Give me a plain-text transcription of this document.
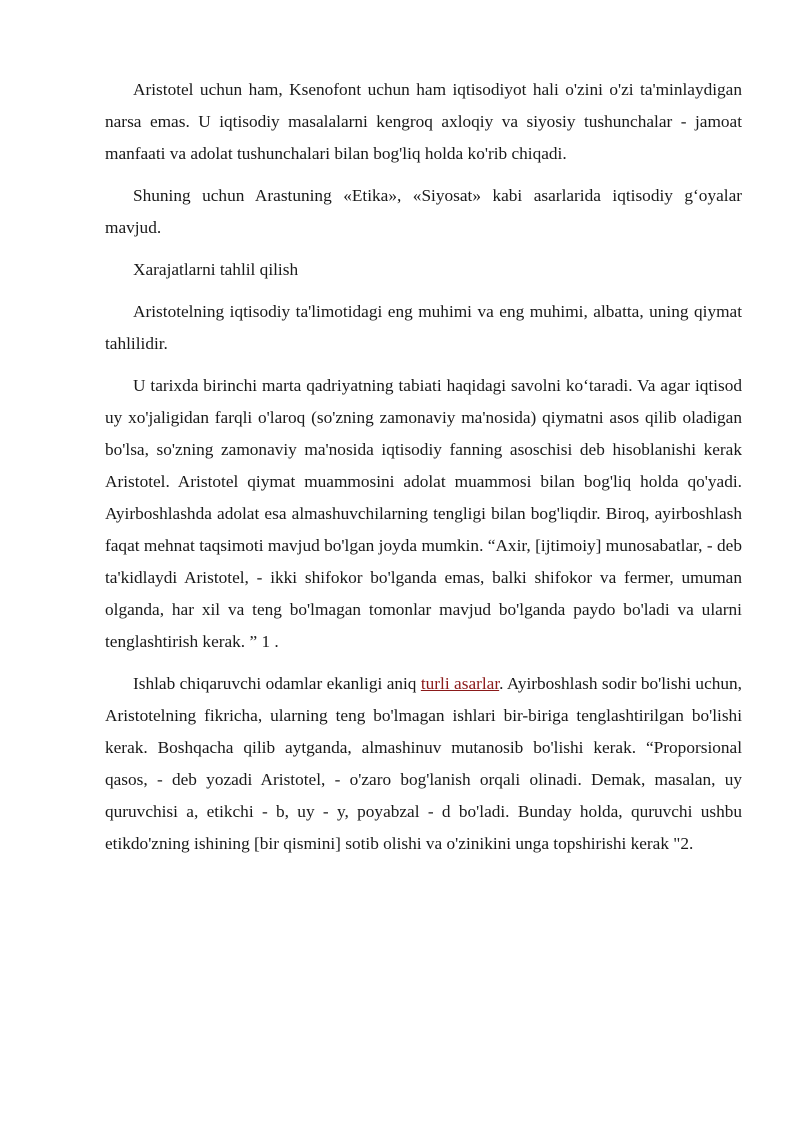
Aristotel uchun ham, Ksenofont uchun ham iqtisodiyot hali o'zini o'zi ta'minlaydigan narsa emas. U iqtisodiy masalalarni kengroq axloqiy va siyosiy tushunchalar - jamoat manfaati va adolat tushunchalari bilan bog'liq holda ko'rib chiqadi.

Shuning uchun Arastuning «Etika», «Siyosat» kabi asarlarida iqtisodiy g‘oyalar mavjud.

Xarajatlarni tahlil qilish

Aristotelning iqtisodiy ta'limotidagi eng muhimi va eng muhimi, albatta, uning qiymat tahlilidir.

U tarixda birinchi marta qadriyatning tabiati haqidagi savolni ko‘taradi. Va agar iqtisod uy xo'jaligidan farqli o'laroq (so'zning zamonaviy ma'nosida) qiymatni asos qilib oladigan bo'lsa, so'zning zamonaviy ma'nosida iqtisodiy fanning asoschisi deb hisoblanishi kerak Aristotel. Aristotel qiymat muammosini adolat muammosi bilan bog'liq holda qo'yadi. Ayirboshlashda adolat esa almashuvchilarning tengligi bilan bog'liqdir. Biroq, ayirboshlash faqat mehnat taqsimoti mavjud bo'lgan joyda mumkin. “Axir, [ijtimoiy] munosabatlar, - deb ta'kidlaydi Aristotel, - ikki shifokor bo'lganda emas, balki shifokor va fermer, umuman olganda, har xil va teng bo'lmagan tomonlar mavjud bo'lganda paydo bo'ladi va ularni tenglashtirish kerak. ” 1 .

Ishlab chiqaruvchi odamlar ekanligi aniq turli asarlar. Ayirboshlash sodir bo'lishi uchun, Aristotelning fikricha, ularning teng bo'lmagan ishlari bir-biriga tenglashtirilgan bo'lishi kerak. Boshqacha qilib aytganda, almashinuv mutanosib bo'lishi kerak. “Proporsional qasos, - deb yozadi Aristotel, - o'zaro bog'lanish orqali olinadi. Demak, masalan, uy quruvchisi a, etikchi - b, uy - y, poyabzal - d bo'ladi. Bunday holda, quruvchi ushbu etikdo'zning ishining [bir qismini] sotib olishi va o'zinikini unga topshirishi kerak "2.
